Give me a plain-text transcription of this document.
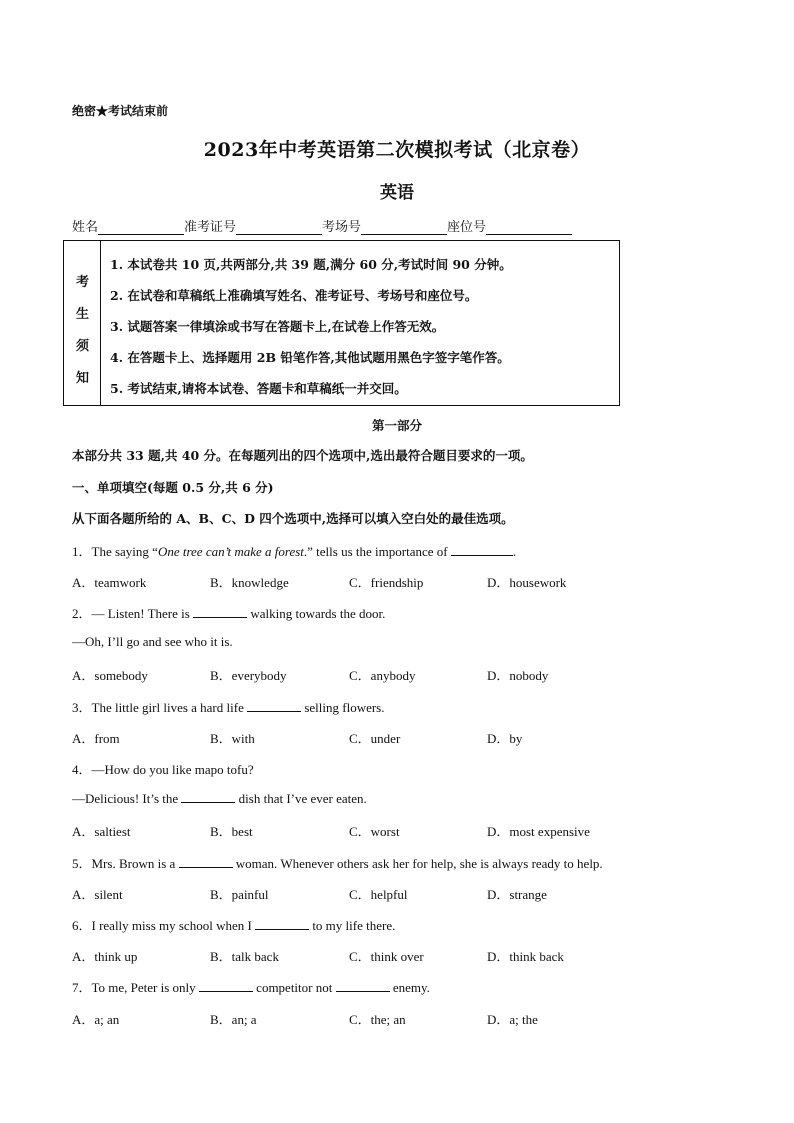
绝密★考试结束前
2023年中考英语第二次模拟考试（北京卷）
英语
姓名	准考证号	考场号	座位号
考
生
须
知
1. 本试卷共 10 页,共两部分,共 39 题,满分 60 分,考试时间 90 分钟。
2. 在试卷和草稿纸上准确填写姓名、准考证号、考场号和座位号。
3. 试题答案一律填涂或书写在答题卡上,在试卷上作答无效。
4. 在答题卡上、选择题用 2B 铅笔作答,其他试题用黑色字签字笔作答。
5. 考试结束,请将本试卷、答题卡和草稿纸一并交回。
第一部分
本部分共 33 题,共 40 分。在每题列出的四个选项中,选出最符合题目要求的一项。
一、单项填空(每题 0.5 分,共 6 分)
从下面各题所给的 A、B、C、D 四个选项中,选择可以填入空白处的最佳选项。
1．The saying “One tree can’t make a forest.” tells us the importance of	.
A．teamwork	B．knowledge	C．friendship	D．housework
2．— Listen! There is	walking towards the door.
—Oh, I’ll go and see who it is.
A．somebody	B．everybody	C．anybody	D．nobody
3．The little girl lives a hard life	selling flowers.
A．from	B．with	C．under	D．by
4．—How do you like mapo tofu?
—Delicious! It’s the	dish that I’ve ever eaten.
A．saltiest	B．best	C．worst	D．most expensive
5．Mrs. Brown is a	woman. Whenever others ask her for help, she is always ready to help.
A．silent	B．painful	C．helpful	D．strange
6．I really miss my school when I	to my life there.
A．think up	B．talk back	C．think over	D．think back
7．To me, Peter is only	competitor not	enemy.
A．a; an	B．an; a	C．the; an	D．a; the
